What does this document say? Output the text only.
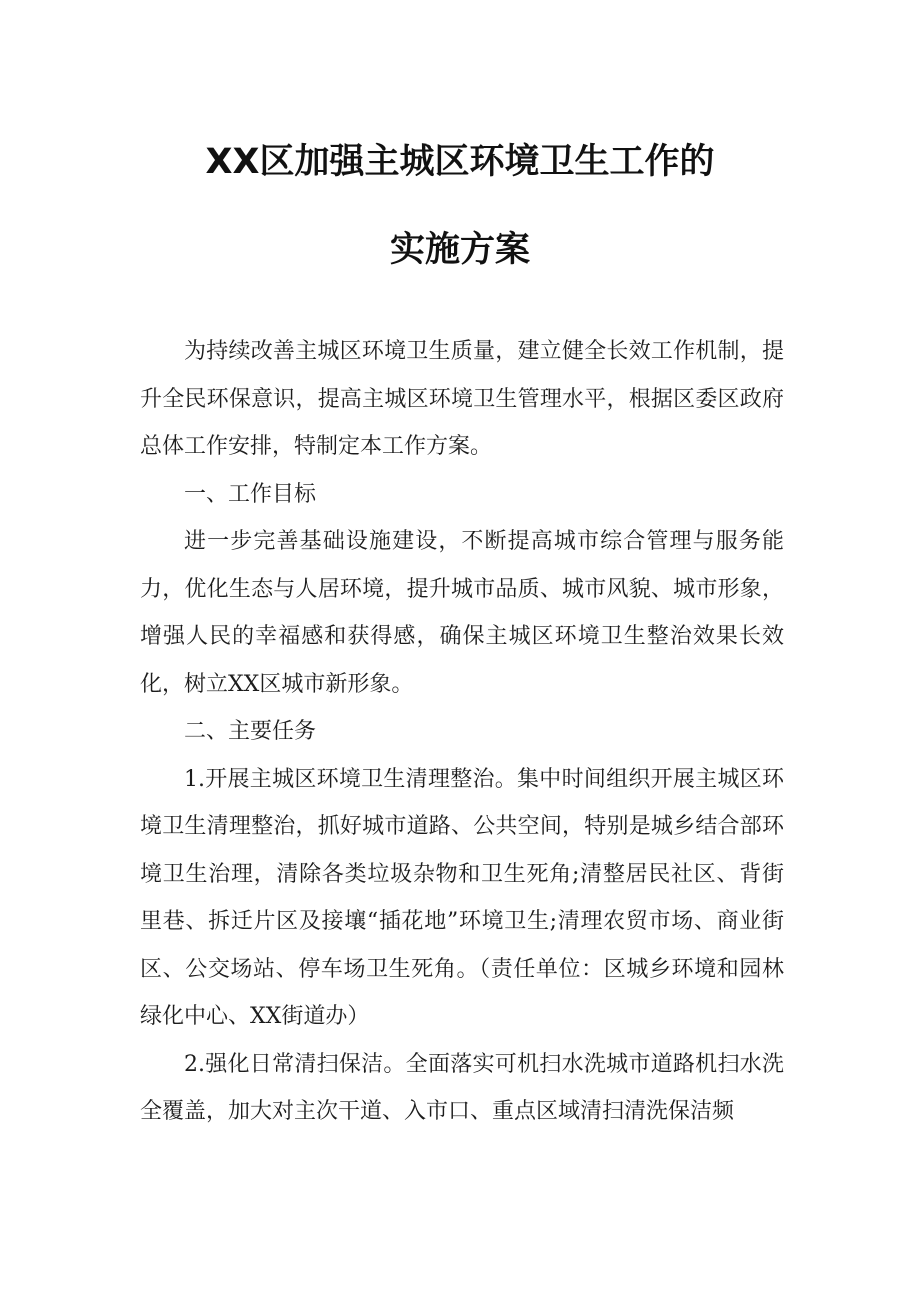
XX区加强主城区环境卫生工作的
实施方案

为持续改善主城区环境卫生质量，建立健全长效工作机制，提升全民环保意识，提高主城区环境卫生管理水平，根据区委区政府总体工作安排，特制定本工作方案。

一、工作目标

进一步完善基础设施建设，不断提高城市综合管理与服务能力，优化生态与人居环境，提升城市品质、城市风貌、城市形象，增强人民的幸福感和获得感，确保主城区环境卫生整治效果长效化，树立XX区城市新形象。

二、主要任务

1.开展主城区环境卫生清理整治。集中时间组织开展主城区环境卫生清理整治，抓好城市道路、公共空间，特别是城乡结合部环境卫生治理，清除各类垃圾杂物和卫生死角;清整居民社区、背街里巷、拆迁片区及接壤“插花地”环境卫生;清理农贸市场、商业街区、公交场站、停车场卫生死角。（责任单位：区城乡环境和园林绿化中心、XX街道办）

2.强化日常清扫保洁。全面落实可机扫水洗城市道路机扫水洗全覆盖，加大对主次干道、入市口、重点区域清扫清洗保洁频
